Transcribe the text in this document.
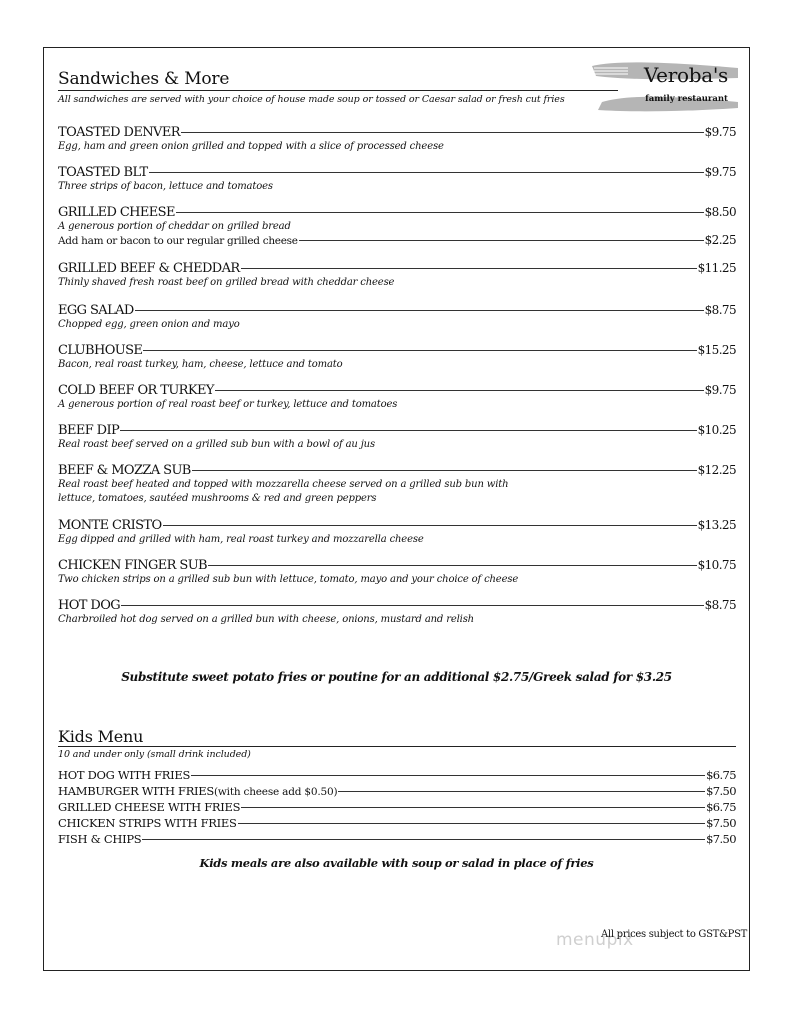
Veroba's
family restaurant
Sandwiches & More
All sandwiches are served with your choice of house made soup or tossed or Caesar salad or fresh cut fries
TOASTED DENVER	$9.75
Egg, ham and green onion grilled and topped with a slice of processed cheese
TOASTED BLT	$9.75
Three strips of bacon, lettuce and tomatoes
GRILLED CHEESE	$8.50
A generous portion of cheddar on grilled bread
Add ham or bacon to our regular grilled cheese	$2.25
GRILLED BEEF & CHEDDAR	$11.25
Thinly shaved fresh roast beef on grilled bread with cheddar cheese
EGG SALAD	$8.75
Chopped egg, green onion and mayo
CLUBHOUSE	$15.25
Bacon, real roast turkey, ham, cheese, lettuce and tomato
COLD BEEF OR TURKEY	$9.75
A generous portion of real roast beef or turkey, lettuce and tomatoes
BEEF DIP	$10.25
Real roast beef served on a grilled sub bun with a bowl of au jus
BEEF & MOZZA SUB	$12.25
Real roast beef heated and topped with mozzarella cheese served on a grilled sub bun with
lettuce, tomatoes, sautéed mushrooms & red and green peppers
MONTE CRISTO	$13.25
Egg dipped and grilled with ham, real roast turkey and mozzarella cheese
CHICKEN FINGER SUB	$10.75
Two chicken strips on a grilled sub bun with lettuce, tomato, mayo and your choice of cheese
HOT DOG	$8.75
Charbroiled hot dog served on a grilled bun with cheese, onions, mustard and relish
Substitute sweet potato fries or poutine for an additional $2.75/Greek salad for $3.25
Kids Menu
10 and under only (small drink included)
HOT DOG WITH FRIES	$6.75
HAMBURGER WITH FRIES (with cheese add $0.50)	$7.50
GRILLED CHEESE WITH FRIES	$6.75
CHICKEN STRIPS WITH FRIES	$7.50
FISH & CHIPS	$7.50
Kids meals are also available with soup or salad in place of fries
menupix
All prices subject to GST&PST
